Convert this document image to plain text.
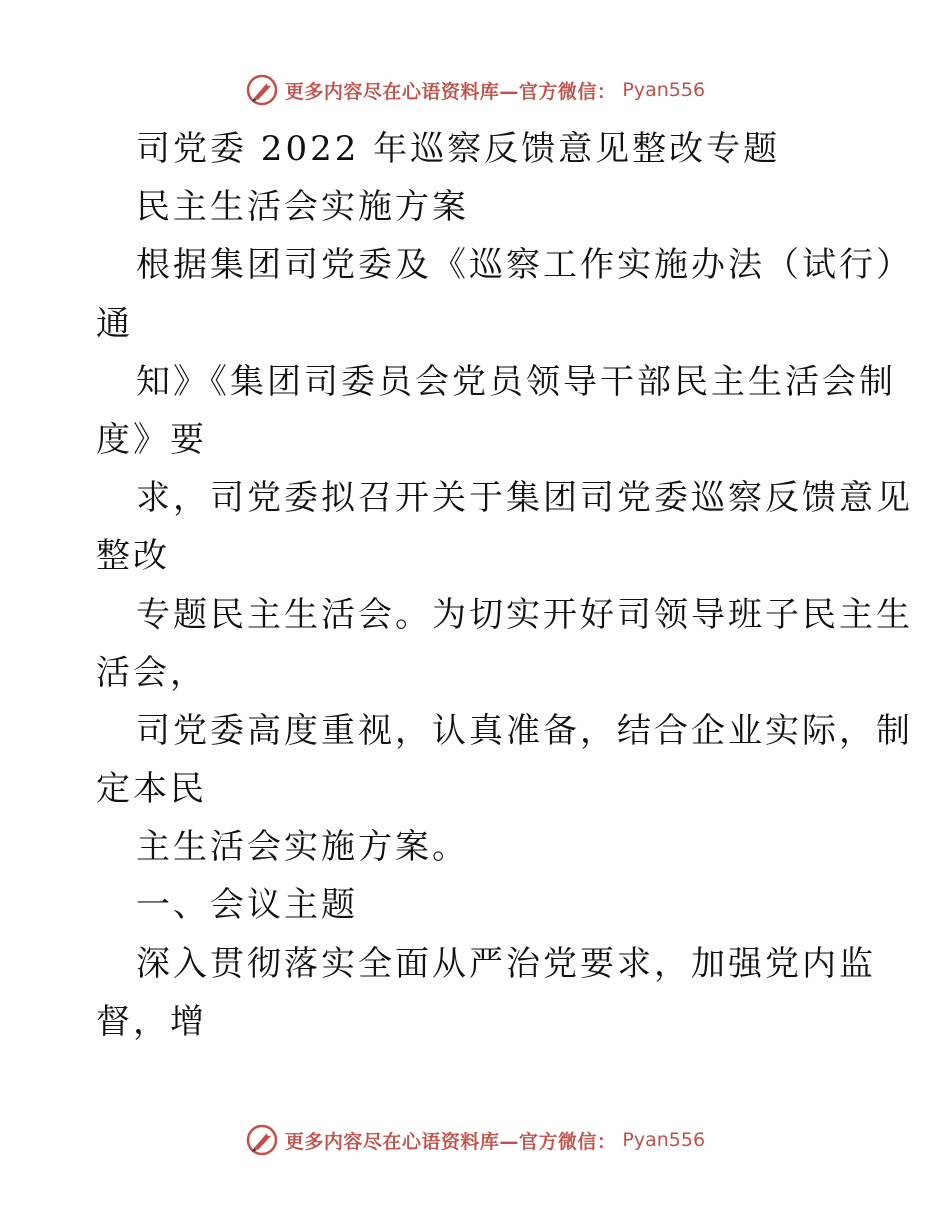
更多内容尽在心语资料库—官方微信： Pyan556
司党委 2022 年巡察反馈意见整改专题
民主生活会实施方案
根据集团司党委及《巡察工作实施办法（试行）
通
知》《集团司委员会党员领导干部民主生活会制
度》要
求，司党委拟召开关于集团司党委巡察反馈意见
整改
专题民主生活会。为切实开好司领导班子民主生
活会，
司党委高度重视，认真准备，结合企业实际，制
定本民
主生活会实施方案。
一、会议主题
深入贯彻落实全面从严治党要求，加强党内监
督，增
更多内容尽在心语资料库—官方微信： Pyan556
